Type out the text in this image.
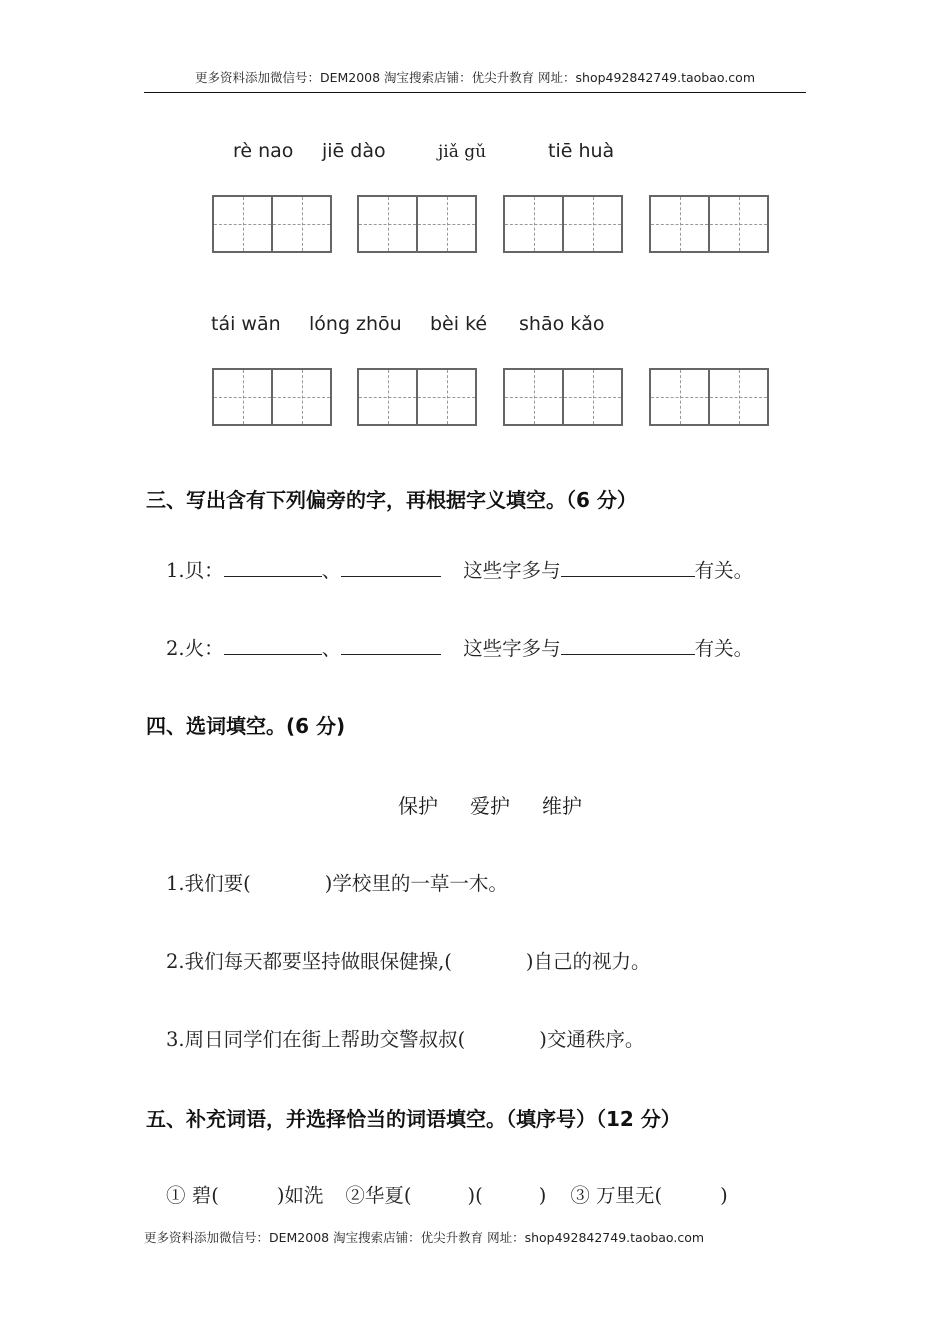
更多资料添加微信号：DEM2008 淘宝搜索店铺：优尖升教育 网址：shop492842749.taobao.com
rè nao jiē dào	jiǎ gǔ	tiē huà
tái wān lóng zhōu bèi ké shāo kǎo
三、写出含有下列偏旁的字，再根据字义填空。（6 分）
1.贝：	、	这些字多与	有关。
2.火：	、	这些字多与	有关。
四、选词填空。(6 分)
保护 爱护 维护
1.我们要(	)学校里的一草一木。
2.我们每天都要坚持做眼保健操,(	)自己的视力。
3.周日同学们在街上帮助交警叔叔(	)交通秩序。
五、补充词语，并选择恰当的词语填空。（填序号）（12 分）
① 碧(	)如洗 ②华夏(	)(	) ③ 万里无(	)
更多资料添加微信号：DEM2008 淘宝搜索店铺：优尖升教育 网址：shop492842749.taobao.com
